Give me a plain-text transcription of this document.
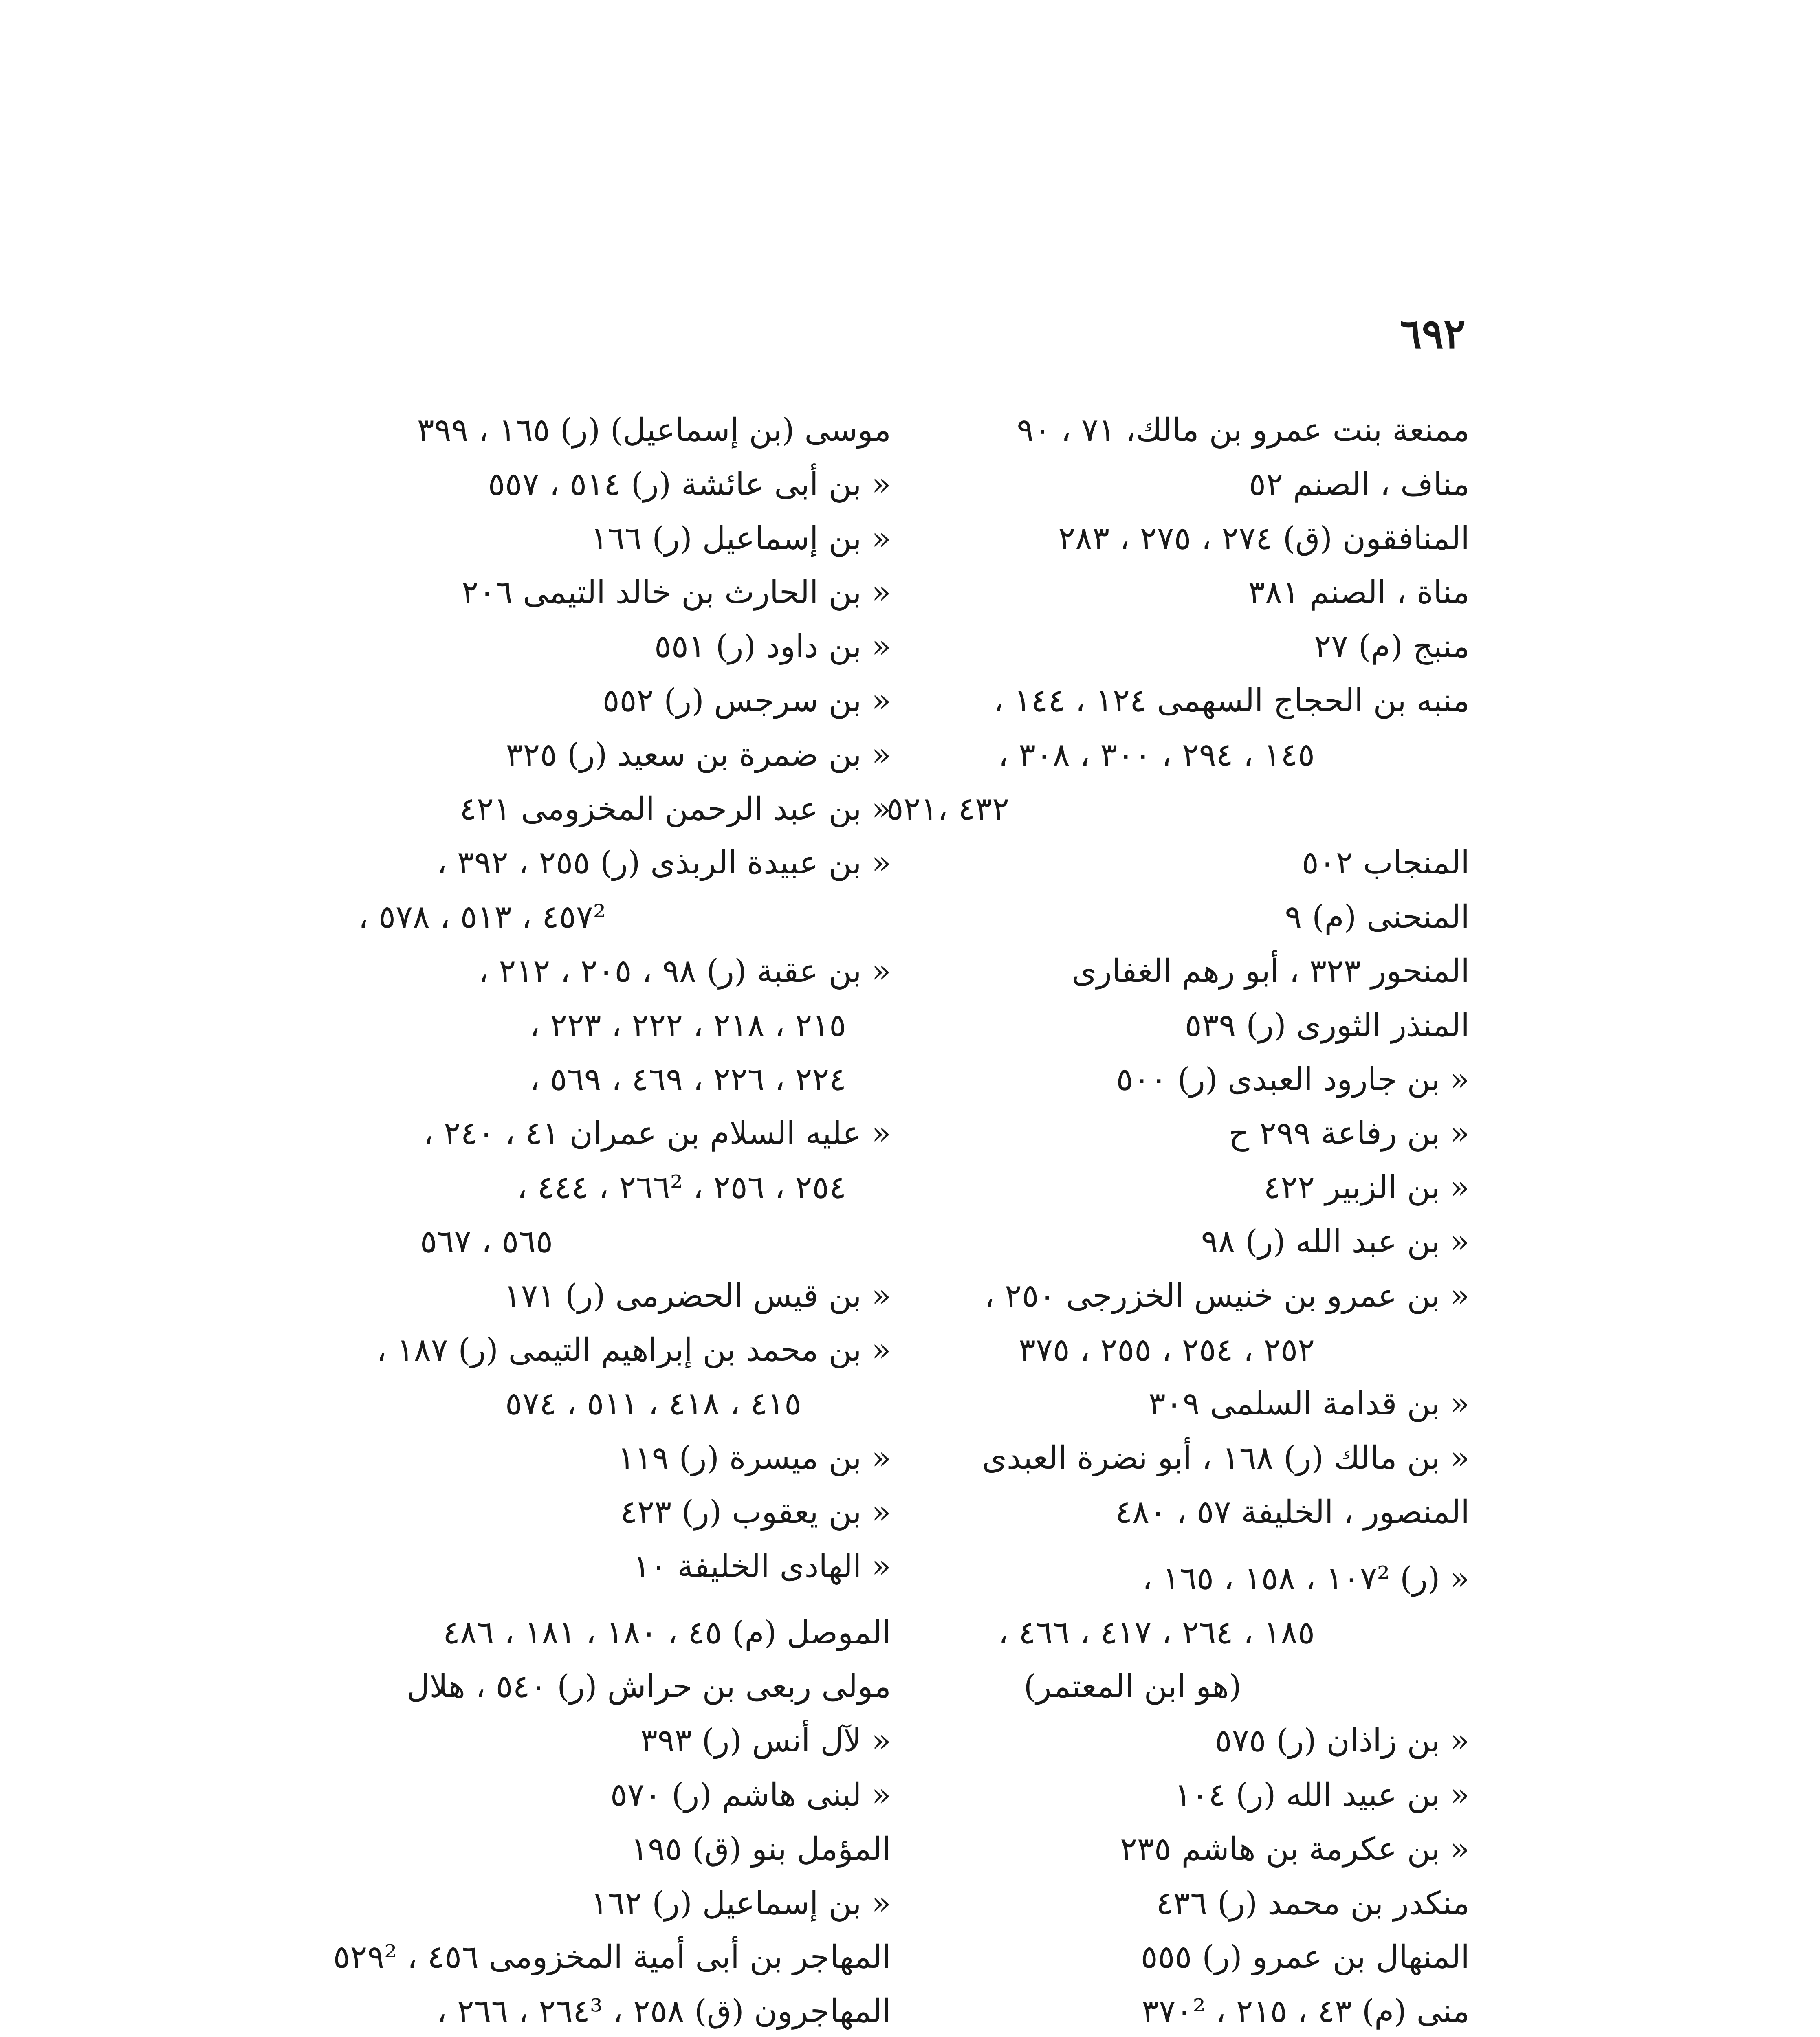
٦٩٢
ممنعة بنت عمرو بن مالك، ٧١ ، ٩٠
مناف ، الصنم ٥٢
المنافقون (ق) ٢٧٤ ، ٢٧٥ ، ٢٨٣
مناة ، الصنم ٣٨١
منبج (م) ٢٧
منبه بن الحجاج السهمى ١٢٤ ، ١٤٤ ،
١٤٥ ، ٢٩٤ ، ٣٠٠ ، ٣٠٨ ،
٤٣٢ ،٥٢١
المنجاب ٥٠٢
المنحنى (م) ٩
المنحور ٣٢٣ ، أبو رهم الغفارى
المنذر الثورى (ر) ٥٣٩
« بن جارود العبدى (ر) ٥٠٠
« بن رفاعة ٢٩٩ ح
« بن الزبير ٤٢٢
« بن عبد الله (ر) ٩٨
« بن عمرو بن خنيس الخزرجى ٢٥٠ ،
٢٥٢ ، ٢٥٤ ، ٢٥٥ ، ٣٧٥
« بن قدامة السلمى ٣٠٩
« بن مالك (ر) ١٦٨ ، أبو نضرة العبدى
المنصور ، الخليفة ٥٧ ، ٤٨٠
« (ر) ١٠٧² ، ١٥٨ ، ١٦٥ ،
١٨٥ ، ٢٦٤ ، ٤١٧ ، ٤٦٦ ،
(هو ابن المعتمر)
« بن زاذان (ر) ٥٧٥
« بن عبيد الله (ر) ١٠٤
« بن عكرمة بن هاشم ٢٣٥
منكدر بن محمد (ر) ٤٣٦
المنهال بن عمرو (ر) ٥٥٥
منى (م) ٤٣ ، ٢١٥ ، ٣٧٠²
موسى (بن إسماعيل) (ر) ١٦٥ ، ٣٩٩
« بن أبى عائشة (ر) ٥١٤ ، ٥٥٧
« بن إسماعيل (ر) ١٦٦
« بن الحارث بن خالد التيمى ٢٠٦
« بن داود (ر) ٥٥١
« بن سرجس (ر) ٥٥٢
« بن ضمرة بن سعيد (ر) ٣٢٥
« بن عبد الرحمن المخزومى ٤٢١
« بن عبيدة الربذى (ر) ٢٥٥ ، ٣٩٢ ،
٤٥٧² ، ٥١٣ ، ٥٧٨ ،
« بن عقبة (ر) ٩٨ ، ٢٠٥ ، ٢١٢ ،
٢١٥ ، ٢١٨ ، ٢٢٢ ، ٢٢٣ ،
٢٢٤ ، ٢٢٦ ، ٤٦٩ ، ٥٦٩ ،
« عليه السلام بن عمران ٤١ ، ٢٤٠ ،
٢٥٤ ، ٢٥٦ ، ٢٦٦² ، ٤٤٤ ،
٥٦٥ ، ٥٦٧
« بن قيس الحضرمى (ر) ١٧١
« بن محمد بن إبراهيم التيمى (ر) ١٨٧ ،
٤١٥ ، ٤١٨ ، ٥١١ ، ٥٧٤
« بن ميسرة (ر) ١١٩
« بن يعقوب (ر) ٤٢٣
« الهادى الخليفة ١٠
الموصل (م) ٤٥ ، ١٨٠ ، ١٨١ ، ٤٨٦
مولى ربعى بن حراش (ر) ٥٤٠ ، هلال
« لآل أنس (ر) ٣٩٣
« لبنى هاشم (ر) ٥٧٠
المؤمل بنو (ق) ١٩٥
« بن إسماعيل (ر) ١٦٢
المهاجر بن أبى أمية المخزومى ٤٥٦ ، ٥٢٩²
المهاجرون (ق) ٢٥٨ ، ٢٦٤³ ، ٢٦٦ ،
